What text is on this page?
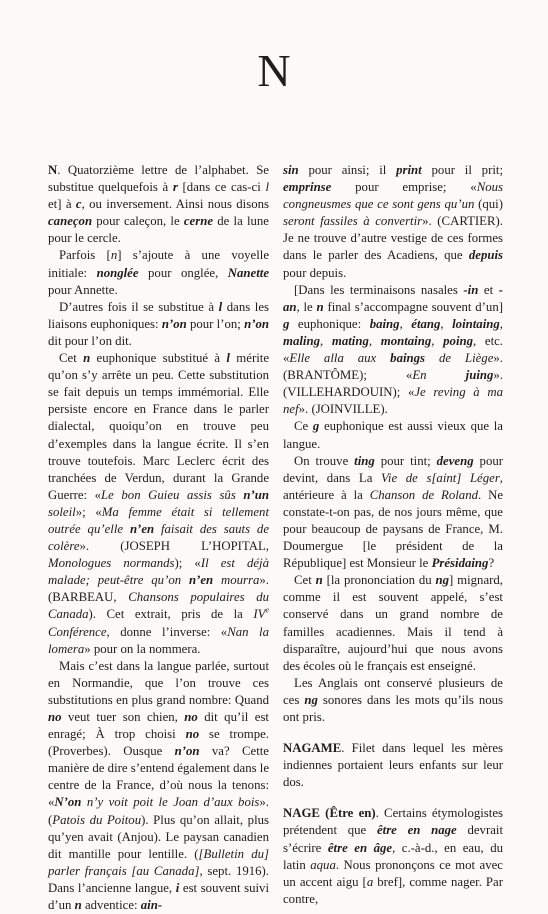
N

N. Quatorzième lettre de l’alphabet. Se substitue quelquefois à r [dans ce cas-ci l et] à c, ou inversement. Ainsi nous disons caneçon pour caleçon, le cerne de la lune pour le cercle.

Parfois [n] s’ajoute à une voyelle initiale: nonglée pour onglée, Nanette pour Annette.

D’autres fois il se substitue à l dans les liaisons euphoniques: n’on pour l’on; n’on dit pour l’on dit.

Cet n euphonique substitué à l mérite qu’on s’y arrête un peu. Cette substitution se fait depuis un temps immémorial. Elle persiste encore en France dans le parler dialectal, quoiqu’on en trouve peu d’exemples dans la langue écrite. Il s’en trouve toutefois. Marc Leclerc écrit des tranchées de Verdun, durant la Grande Guerre: «Le bon Guieu assis sûs n’un soleil»; «Ma femme était si tellement outrée qu’elle n’en faisait des sauts de colère». (JOSEPH L’HOPITAL, Monologues normands); «Il est déjà malade; peut-être qu’on n’en mourra». (BARBEAU, Chansons populaires du Canada). Cet extrait, pris de la IVe Conférence, donne l’inverse: «Nan la lomera» pour on la nommera.

Mais c’est dans la langue parlée, surtout en Normandie, que l’on trouve ces substitutions en plus grand nombre: Quand no veut tuer son chien, no dit qu’il est enragé; À trop choisi no se trompe. (Proverbes). Ousque n’on va? Cette manière de dire s’entend également dans le centre de la France, d’où nous la tenons: «N’on n’y voit poit le Joan d’aux bois». (Patois du Poitou). Plus qu’on allait, plus qu’yen avait (Anjou). Le paysan canadien dit mantille pour lentille. ([Bulletin du] parler français [au Canada], sept. 1916). Dans l’ancienne langue, i est souvent suivi d’un n adventice: ain-

sin pour ainsi; il print pour il prit; emprinse pour emprise; «Nous congneusmes que ce sont gens qu’un (qui) seront fassiles à convertir». (CARTIER). Je ne trouve d’autre vestige de ces formes dans le parler des Acadiens, que depuis pour depuis.

[Dans les terminaisons nasales -in et -an, le n final s’accompagne souvent d’un] g euphonique: baing, étang, lointaing, maling, mating, montaing, poing, etc. «Elle alla aux baings de Liège». (BRANTÔME); «En juing». (VILLEHARDOUIN); «Je reving à ma nef». (JOINVILLE).

Ce g euphonique est aussi vieux que la langue.

On trouve ting pour tint; deveng pour devint, dans La Vie de s[aint] Léger, antérieure à la Chanson de Roland. Ne constate-t-on pas, de nos jours même, que pour beaucoup de paysans de France, M. Doumergue [le président de la République] est Monsieur le Présidaing?

Cet n [la prononciation du ng] mignard, comme il est souvent appelé, s’est conservé dans un grand nombre de familles acadiennes. Mais il tend à disparaître, aujourd’hui que nous avons des écoles où le français est enseigné.

Les Anglais ont conservé plusieurs de ces ng sonores dans les mots qu’ils nous ont pris.

NAGAME. Filet dans lequel les mères indiennes portaient leurs enfants sur leur dos.

NAGE (Être en). Certains étymologistes prétendent que être en nage devrait s’écrire être en âge, c.-à-d., en eau, du latin aqua. Nous prononçons ce mot avec un accent aigu [a bref], comme nager. Par contre,
